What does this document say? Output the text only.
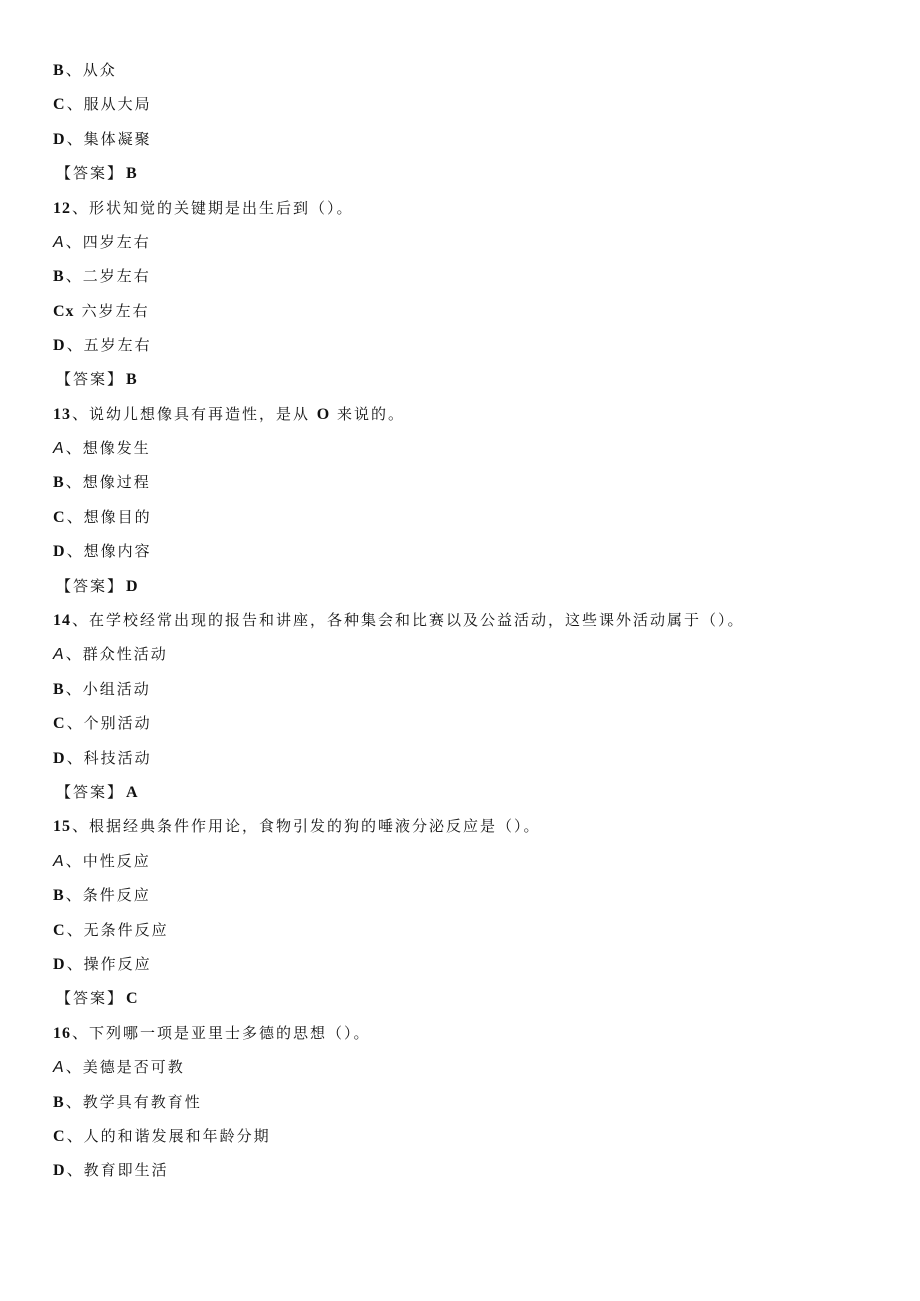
B、从众
C、服从大局
D、集体凝聚
【答案】 B
12、形状知觉的关键期是出生后到（）。
A、四岁左右
B、二岁左右
Cx 六岁左右
D、五岁左右
【答案】 B
13、说幼儿想像具有再造性，是从 O 来说的。
A、想像发生
B、想像过程
C、想像目的
D、想像内容
【答案】 D
14、在学校经常出现的报告和讲座，各种集会和比赛以及公益活动，这些课外活动属于（）。
A、群众性活动
B、小组活动
C、个别活动
D、科技活动
【答案】 A
15、根据经典条件作用论，食物引发的狗的唾液分泌反应是（）。
A、中性反应
B、条件反应
C、无条件反应
D、操作反应
【答案】 C
16、下列哪一项是亚里士多德的思想（）。
A、美德是否可教
B、教学具有教育性
C、人的和谐发展和年龄分期
D、教育即生活
